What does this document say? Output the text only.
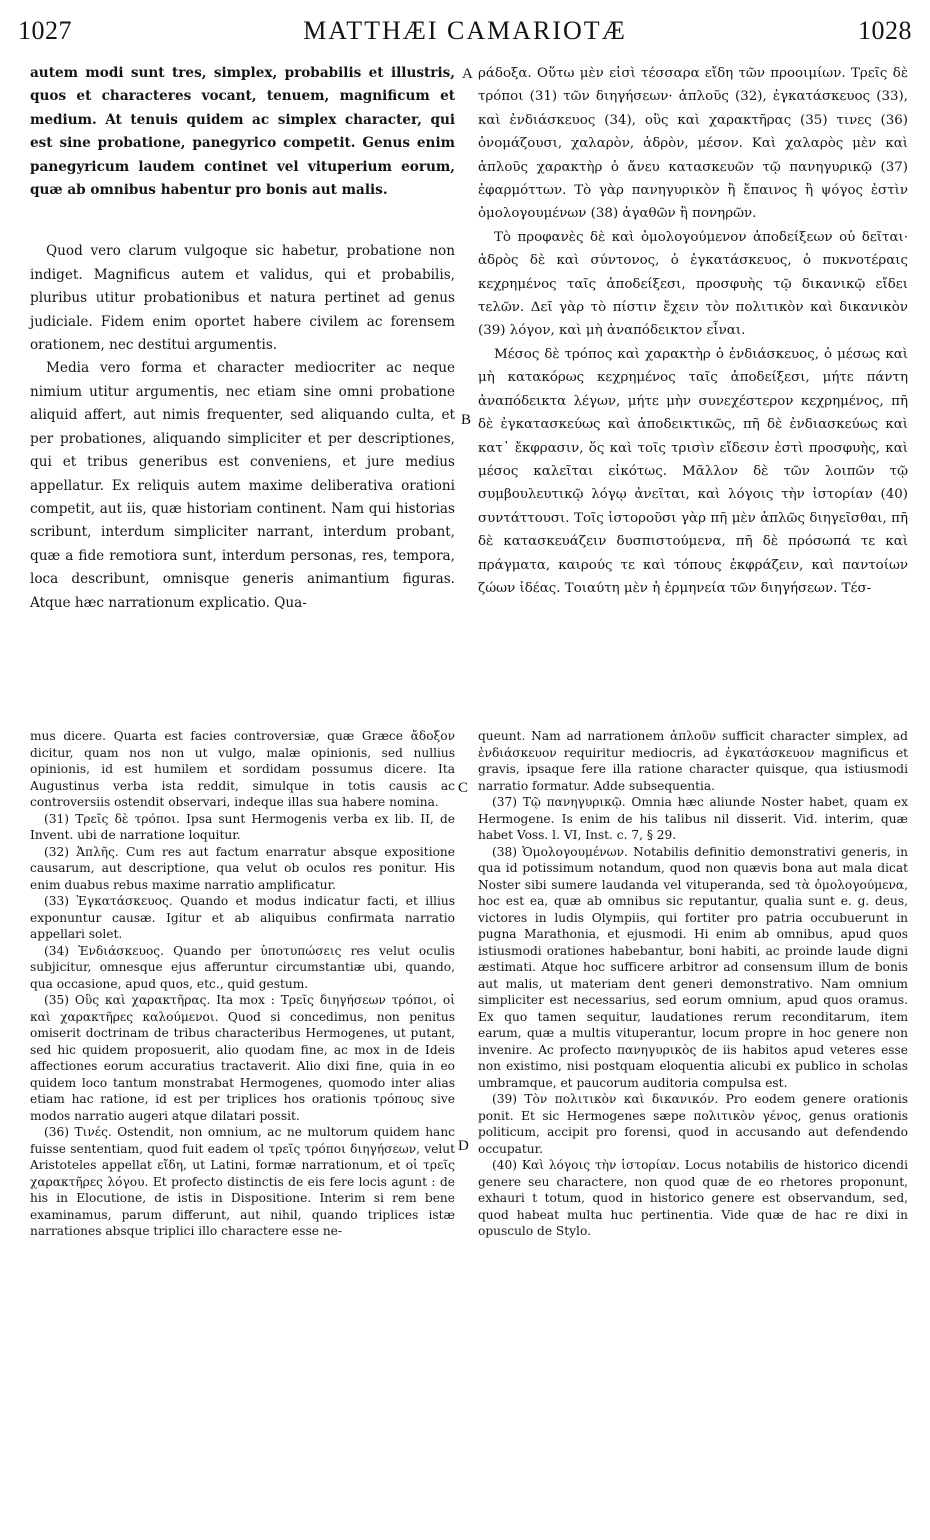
1027	MATTHÆI CAMARIOTÆ	1028
A
B
C
D

autem modi sunt tres, simplex, probabilis et illustris, quos et characteres vocant, tenuem, magnificum et medium. At tenuis quidem ac simplex character, qui est sine probatione, panegyrico competit. Genus enim panegyricum laudem continet vel vituperium eorum, quæ ab omnibus habentur pro bonis aut malis.

Quod vero clarum vulgoque sic habetur, probatione non indiget. Magnificus autem et validus, qui et probabilis, pluribus utitur probationibus et natura pertinet ad genus judiciale. Fidem enim oportet habere civilem ac forensem orationem, nec destitui argumentis.

Media vero forma et character mediocriter ac neque nimium utitur argumentis, nec etiam sine omni probatione aliquid affert, aut nimis frequenter, sed aliquando culta, et per probationes, aliquando simpliciter et per descriptiones, qui et tribus generibus est conveniens, et jure medius appellatur. Ex reliquis autem maxime deliberativa orationi competit, aut iis, quæ historiam continent. Nam qui historias scribunt, interdum simpliciter narrant, interdum probant, quæ a fide remotiora sunt, interdum personas, res, tempora, loca describunt, omnisque generis animantium figuras. Atque hæc narrationum explicatio. Qua-

ράδοξα. Οὕτω μὲν εἰσὶ τέσσαρα εἴδη τῶν προοιμίων. Τρεῖς δὲ τρόποι (31) τῶν διηγήσεων· ἁπλοῦς (32), ἐγκατάσκευος (33), καὶ ἐνδιάσκευος (34), οὓς καὶ χαρακτῆρας (35) τινες (36) ὀνομάζουσι, χαλαρὸν, ἁδρὸν, μέσον. Καὶ χαλαρὸς μὲν καὶ ἁπλοῦς χαρακτὴρ ὁ ἄνευ κατασκευῶν τῷ πανηγυρικῷ (37) ἐφαρμόττων. Τὸ γὰρ πανηγυρικὸν ἢ ἔπαινος ἢ ψόγος ἐστὶν ὁμολογουμένων (38) ἀγαθῶν ἢ πονηρῶν.

Τὸ προφανὲς δὲ καὶ ὁμολογούμενον ἀποδείξεων οὐ δεῖται· ἁδρὸς δὲ καὶ σύντονος, ὁ ἐγκατάσκευος, ὁ πυκνοτέραις κεχρημένος ταῖς ἀποδείξεσι, προσφυὴς τῷ δικανικῷ εἴδει τελῶν. Δεῖ γὰρ τὸ πίστιν ἔχειν τὸν πολιτικὸν καὶ δικανικὸν (39) λόγον, καὶ μὴ ἀναπόδεικτον εἶναι.

Μέσος δὲ τρόπος καὶ χαρακτὴρ ὁ ἐνδιάσκευος, ὁ μέσως καὶ μὴ κατακόρως κεχρημένος ταῖς ἀποδείξεσι, μήτε πάντη ἀναπόδεικτα λέγων, μήτε μὴν συνεχέστερον κεχρημένος, πῆ δὲ ἐγκατασκεύως καὶ ἀποδεικτικῶς, πῆ δὲ ἐνδιασκεύως καὶ κατ᾽ ἔκφρασιν, ὅς καὶ τοῖς τρισὶν εἴδεσιν ἐστὶ προσφυὴς, καὶ μέσος καλεῖται εἰκότως. Μᾶλλον δὲ τῶν λοιπῶν τῷ συμβουλευτικῷ λόγῳ ἀνεῖται, καὶ λόγοις τὴν ἱστορίαν (40) συντάττουσι. Τοῖς ἱστοροῦσι γὰρ πῆ μὲν ἁπλῶς διηγεῖσθαι, πῆ δὲ κατασκευάζειν δυσπιστούμενα, πῆ δὲ πρόσωπά τε καὶ πράγματα, καιρούς τε καὶ τόπους ἐκφράζειν, καὶ παντοίων ζώων ἰδέας. Τοιαύτη μὲν ἡ ἑρμηνεία τῶν διηγήσεων. Τέσ-

mus dicere. Quarta est facies controversiæ, quæ Græce ἄδοξον dicitur, quam nos non ut vulgo, malæ opinionis, sed nullius opinionis, id est humilem et sordidam possumus dicere. Ita Augustinus verba ista reddit, simulque in totis causis ac controversiis ostendit observari, indeque illas sua habere nomina.

(31) Τρεῖς δὲ τρόποι. Ipsa sunt Hermogenis verba ex lib. II, de Invent. ubi de narratione loquitur.

(32) Ἁπλῆς. Cum res aut factum enarratur absque expositione causarum, aut descriptione, qua velut ob oculos res ponitur. His enim duabus rebus maxime narratio amplificatur.

(33) Ἐγκατάσκευος. Quando et modus indicatur facti, et illius exponuntur causæ. Igitur et ab aliquibus confirmata narratio appellari solet.

(34) Ἐνδιάσκευος. Quando per ὑποτυπώσεις res velut oculis subjicitur, omnesque ejus afferuntur circumstantiæ ubi, quando, qua occasione, apud quos, etc., quid gestum.

(35) Οὓς καὶ χαρακτῆρας. Ita mox : Τρεῖς διηγήσεων τρόποι, οἱ καὶ χαρακτῆρες καλούμενοι. Quod si concedimus, non penitus omiserit doctrinam de tribus characteribus Hermogenes, ut putant, sed hic quidem proposuerit, alio quodam fine, ac mox in de Ideis affectiones eorum accuratius tractaverit. Alio dixi fine, quia in eo quidem loco tantum monstrabat Hermogenes, quomodo inter alias etiam hac ratione, id est per triplices hos orationis τρόπους sive modos narratio augeri atque dilatari possit.

(36) Τινές. Ostendit, non omnium, ac ne multorum quidem hanc fuisse sententiam, quod fuit eadem ol τρεῖς τρόποι διηγήσεων, velut Aristoteles appellat εἴδη, ut Latini, formæ narrationum, et οἱ τρεῖς χαρακτῆρες λόγου. Et profecto distinctis de eis fere locis agunt : de his in Elocutione, de istis in Dispositione. Interim si rem bene examinamus, parum differunt, aut nihil, quando triplices istæ narrationes absque triplici illo charactere esse ne-

queunt. Nam ad narrationem ἁπλοῦν sufficit character simplex, ad ἐνδιάσκευον requiritur mediocris, ad ἐγκατάσκευον magnificus et gravis, ipsaque fere illa ratione character quisque, qua istiusmodi narratio formatur. Adde subsequentia.

(37) Τῷ πανηγυρικῷ. Omnia hæc aliunde Noster habet, quam ex Hermogene. Is enim de his talibus nil disserit. Vid. interim, quæ habet Voss. l. VI, Inst. c. 7, § 29.

(38) Ὁμολογουμένων. Notabilis definitio demonstrativi generis, in qua id potissimum notandum, quod non quævis bona aut mala dicat Noster sibi sumere laudanda vel vituperanda, sed τὰ ὁμολογούμενα, hoc est ea, quæ ab omnibus sic reputantur, qualia sunt e. g. deus, victores in ludis Olympiis, qui fortiter pro patria occubuerunt in pugna Marathonia, et ejusmodi. Hi enim ab omnibus, apud quos istiusmodi orationes habebantur, boni habiti, ac proinde laude digni æstimati. Atque hoc sufficere arbitror ad consensum illum de bonis aut malis, ut materiam dent generi demonstrativo. Nam omnium simpliciter est necessarius, sed eorum omnium, apud quos oramus. Ex quo tamen sequitur, laudationes rerum reconditarum, item earum, quæ a multis vituperantur, locum propre in hoc genere non invenire. Ac profecto πανηγυρικὸς de iis habitos apud veteres esse non existimo, nisi postquam eloquentia alicubi ex publico in scholas umbramque, et paucorum auditoria compulsa est.

(39) Τὸν πολιτικὸν καὶ δικανικόν. Pro eodem genere orationis ponit. Et sic Hermogenes sæpe πολιτικὸν γένος, genus orationis politicum, accipit pro forensi, quod in accusando aut defendendo occupatur.

(40) Καὶ λόγοις τὴν ἱστορίαν. Locus notabilis de historico dicendi genere seu charactere, non quod quæ de eo rhetores proponunt, exhauri t totum, quod in historico genere est observandum, sed, quod habeat multa huc pertinentia. Vide quæ de hac re dixi in opusculo de Stylo.
